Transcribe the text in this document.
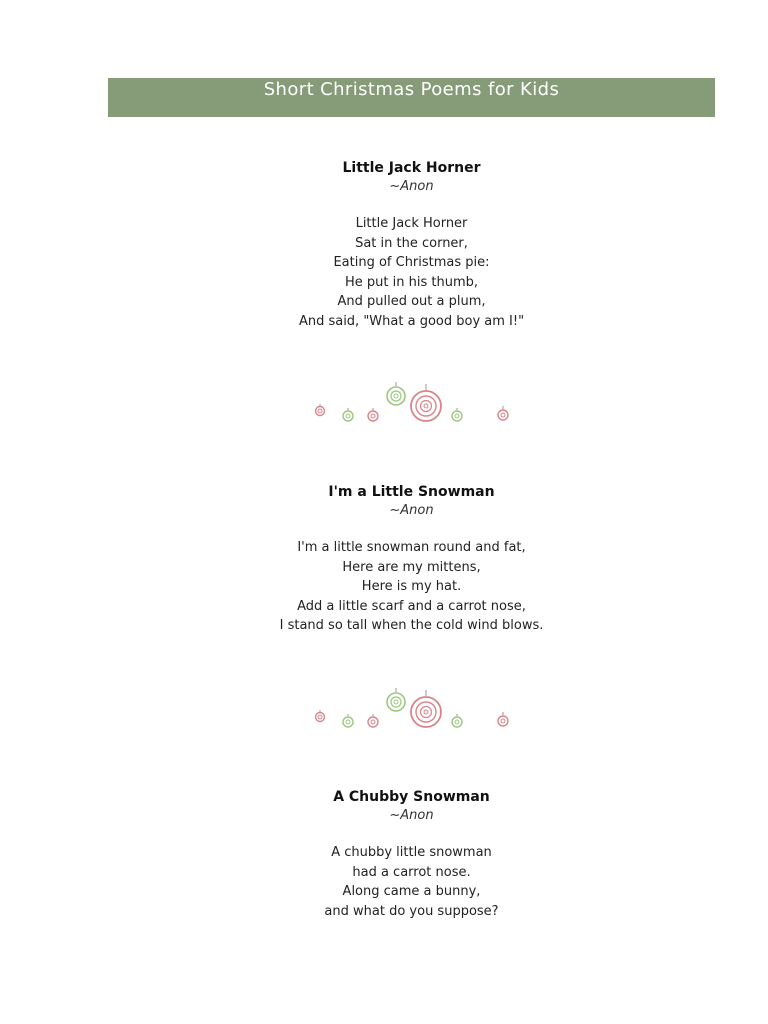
Short Christmas Poems for Kids
Little Jack Horner
~Anon
Little Jack Horner
Sat in the corner,
Eating of Christmas pie:
He put in his thumb,
And pulled out a plum,
And said, "What a good boy am I!"
I'm a Little Snowman
~Anon
I'm a little snowman round and fat,
Here are my mittens,
Here is my hat.
Add a little scarf and a carrot nose,
I stand so tall when the cold wind blows.
A Chubby Snowman
~Anon
A chubby little snowman
had a carrot nose.
Along came a bunny,
and what do you suppose?
